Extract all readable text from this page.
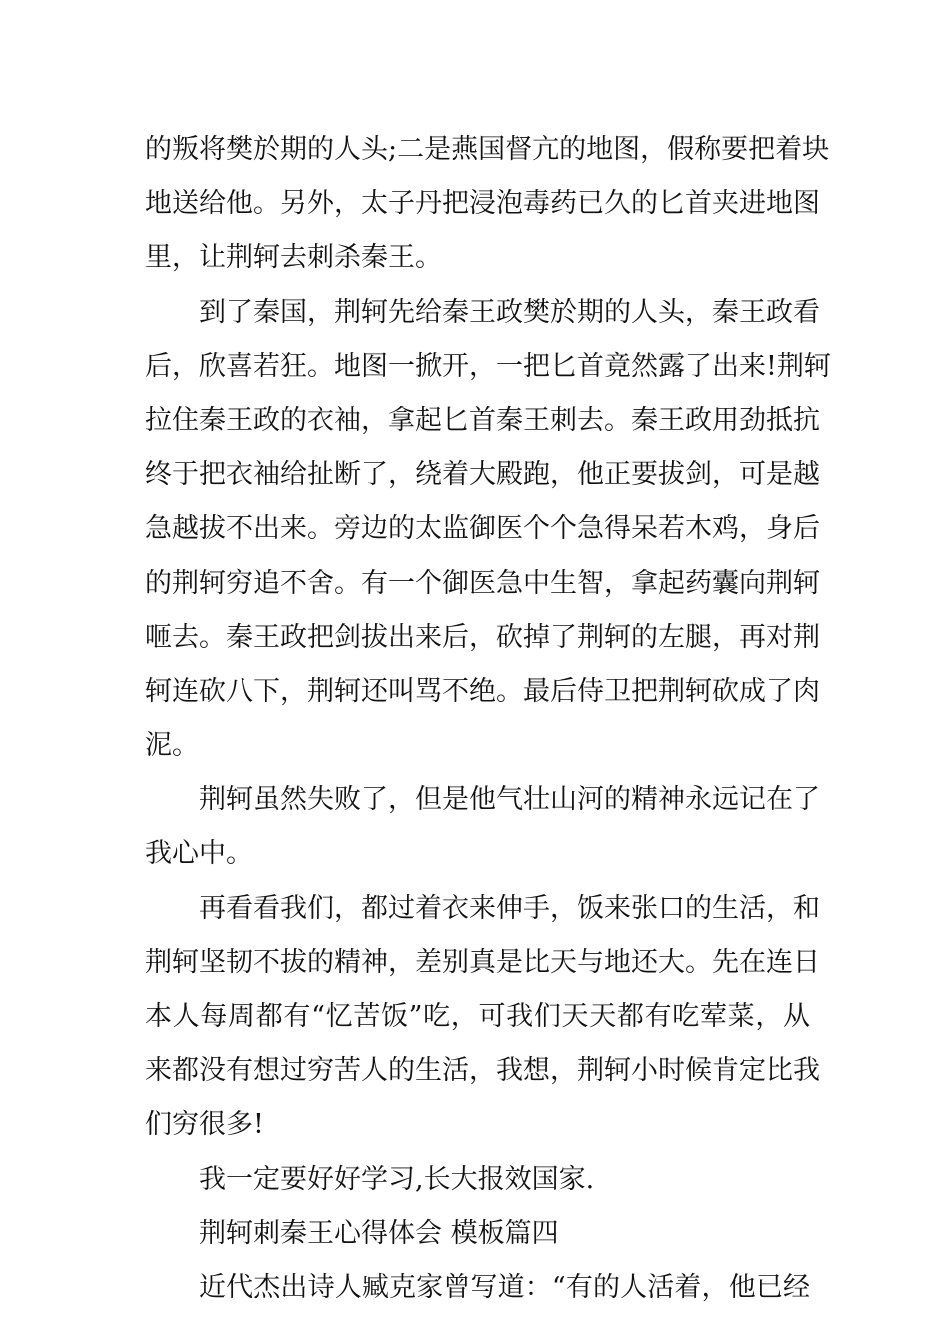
的叛将樊於期的人头;二是燕国督亢的地图，假称要把着块
地送给他。另外，太子丹把浸泡毒药已久的匕首夹进地图
里，让荆轲去刺杀秦王。
到了秦国，荆轲先给秦王政樊於期的人头，秦王政看
后，欣喜若狂。地图一掀开，一把匕首竟然露了出来!荆轲
拉住秦王政的衣袖，拿起匕首秦王刺去。秦王政用劲抵抗
终于把衣袖给扯断了，绕着大殿跑，他正要拔剑，可是越
急越拔不出来。旁边的太监御医个个急得呆若木鸡，身后
的荆轲穷追不舍。有一个御医急中生智，拿起药囊向荆轲
咂去。秦王政把剑拔出来后，砍掉了荆轲的左腿，再对荆
轲连砍八下，荆轲还叫骂不绝。最后侍卫把荆轲砍成了肉
泥。
荆轲虽然失败了，但是他气壮山河的精神永远记在了
我心中。
再看看我们，都过着衣来伸手，饭来张口的生活，和
荆轲坚韧不拔的精神，差别真是比天与地还大。先在连日
本人每周都有“忆苦饭”吃，可我们天天都有吃荤菜，从
来都没有想过穷苦人的生活，我想，荆轲小时候肯定比我
们穷很多!
我一定要好好学习,长大报效国家.
荆轲刺秦王心得体会 模板篇四
近代杰出诗人臧克家曾写道：“有的人活着，他已经
